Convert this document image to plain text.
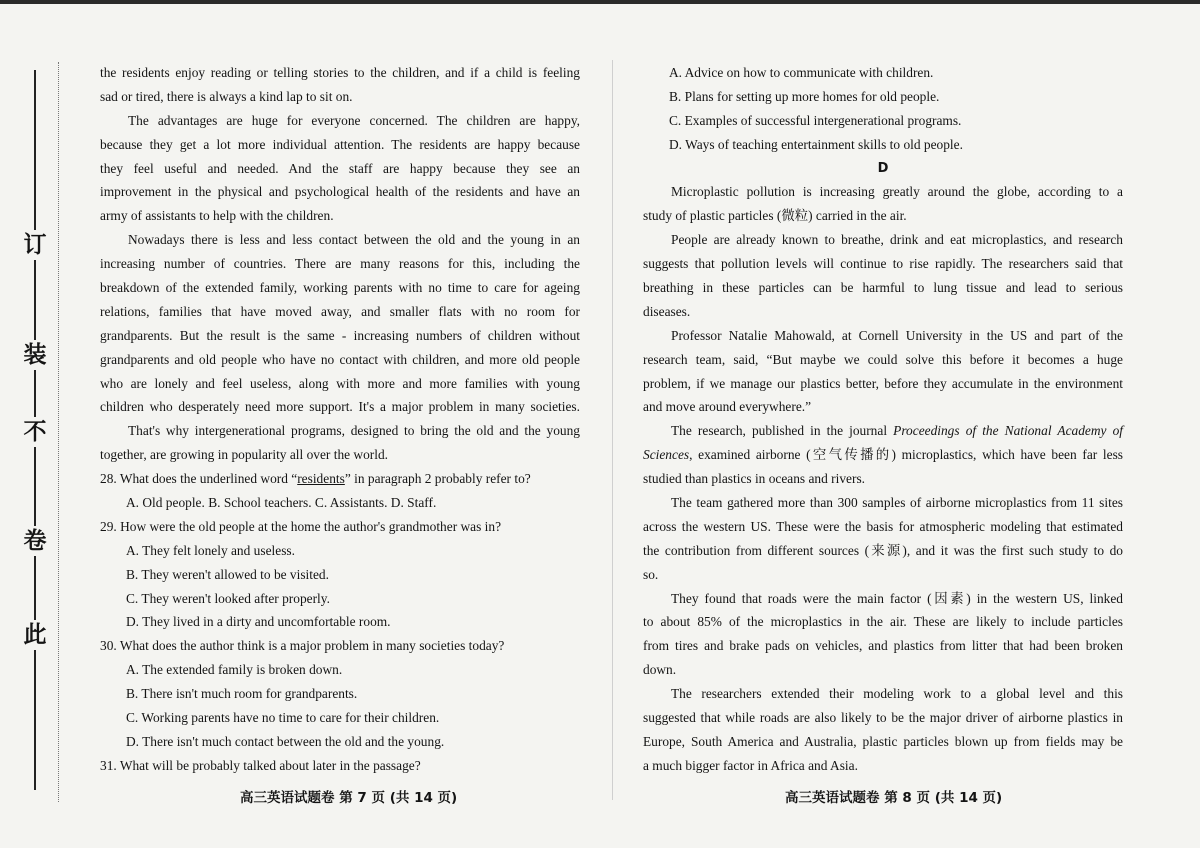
此
卷
不
装
订
the residents enjoy reading or telling stories to the children, and if a child is feeling
sad or tired, there is always a kind lap to sit on.
The advantages are huge for everyone concerned. The children are happy,
because they get a lot more individual attention. The residents are happy because
they feel useful and needed. And the staff are happy because they see an
improvement in the physical and psychological health of the residents and have an
army of assistants to help with the children.
Nowadays there is less and less contact between the old and the young in an
increasing number of countries. There are many reasons for this, including the
breakdown of the extended family, working parents with no time to care for ageing
relations, families that have moved away, and smaller flats with no room for
grandparents. But the result is the same - increasing numbers of children without
grandparents and old people who have no contact with children, and more old people
who are lonely and feel useless, along with more and more families with young
children who desperately need more support. It's a major problem in many societies.
That's why intergenerational programs, designed to bring the old and the young
together, are growing in popularity all over the world.
28. What does the underlined word “residents” in paragraph 2 probably refer to?
A. Old people. B. School teachers. C. Assistants. D. Staff.
29. How were the old people at the home the author's grandmother was in?
A. They felt lonely and useless.
B. They weren't allowed to be visited.
C. They weren't looked after properly.
D. They lived in a dirty and uncomfortable room.
30. What does the author think is a major problem in many societies today?
A. The extended family is broken down.
B. There isn't much room for grandparents.
C. Working parents have no time to care for their children.
D. There isn't much contact between the old and the young.
31. What will be probably talked about later in the passage?
A. Advice on how to communicate with children.
B. Plans for setting up more homes for old people.
C. Examples of successful intergenerational programs.
D. Ways of teaching entertainment skills to old people.
D
Microplastic pollution is increasing greatly around the globe, according to a
study of plastic particles (微粒) carried in the air.
People are already known to breathe, drink and eat microplastics, and research
suggests that pollution levels will continue to rise rapidly. The researchers said that
breathing in these particles can be harmful to lung tissue and lead to serious
diseases.
Professor Natalie Mahowald, at Cornell University in the US and part of the
research team, said, “But maybe we could solve this before it becomes a huge
problem, if we manage our plastics better, before they accumulate in the environment
and move around everywhere.”
The research, published in the journal Proceedings of the National Academy of
Sciences, examined airborne (空气传播的) microplastics, which have been far less
studied than plastics in oceans and rivers.
The team gathered more than 300 samples of airborne microplastics from 11 sites
across the western US. These were the basis for atmospheric modeling that estimated
the contribution from different sources (来源), and it was the first such study to do
so.
They found that roads were the main factor (因素) in the western US, linked
to about 85% of the microplastics in the air. These are likely to include particles
from tires and brake pads on vehicles, and plastics from litter that had been broken
down.
The researchers extended their modeling work to a global level and this
suggested that while roads are also likely to be the major driver of airborne plastics in
Europe, South America and Australia, plastic particles blown up from fields may be
a much bigger factor in Africa and Asia.
高三英语试题卷 第 7 页 (共 14 页)	高三英语试题卷 第 8 页 (共 14 页)
